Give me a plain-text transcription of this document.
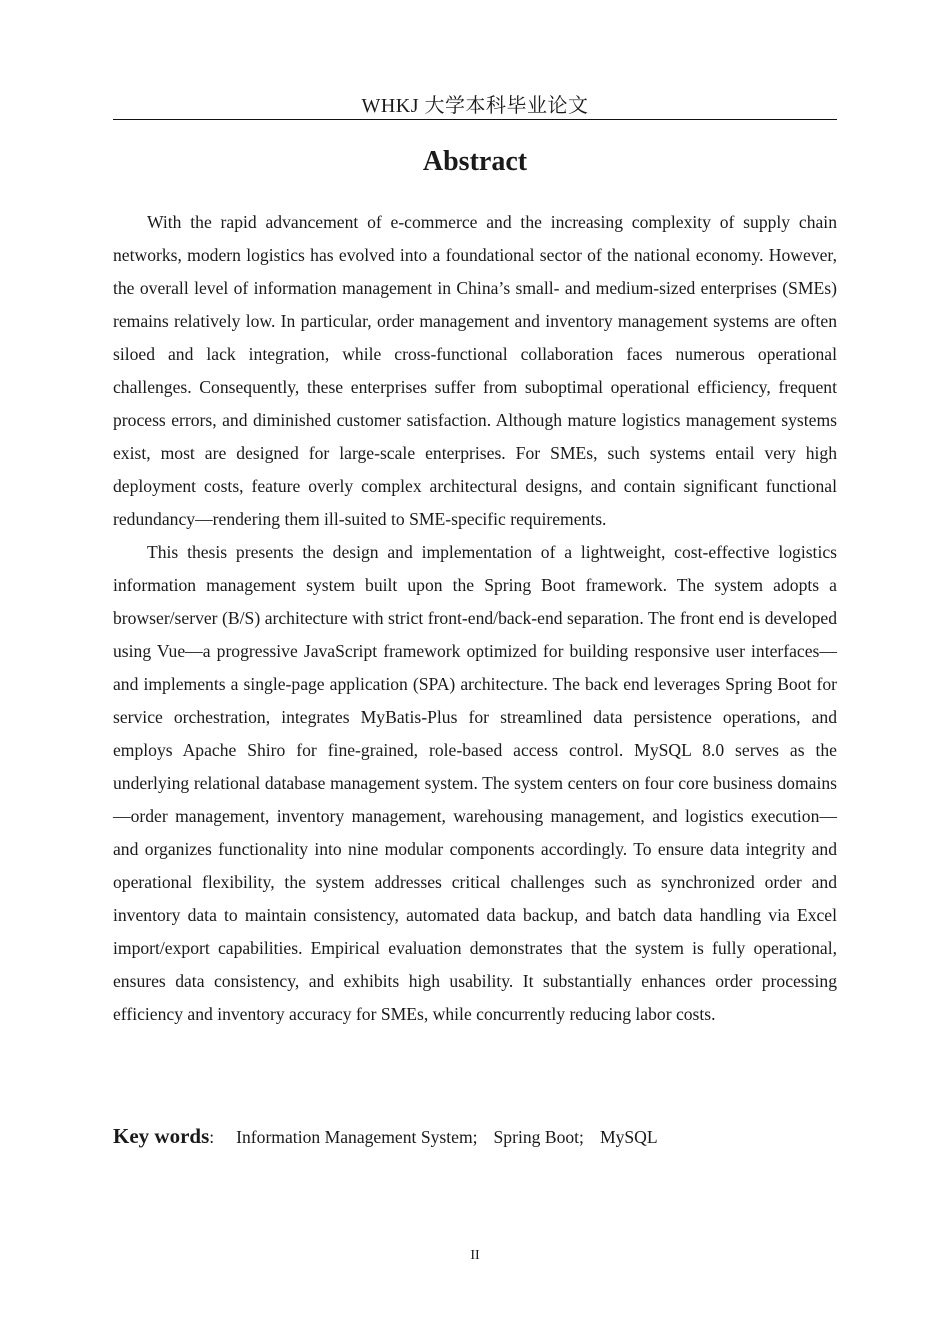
WHKJ 大学本科毕业论文
Abstract

With the rapid advancement of e-commerce and the increasing complexity of supply chain networks, modern logistics has evolved into a foundational sector of the national economy. However, the overall level of information management in China’s small- and medium-sized enterprises (SMEs) remains relatively low. In particular, order management and inventory management systems are often siloed and lack integration, while cross-functional collaboration faces numerous operational challenges. Consequently, these enterprises suffer from suboptimal operational efficiency, frequent process errors, and diminished customer satisfaction. Although mature logistics management systems exist, most are designed for large-scale enterprises. For SMEs, such systems entail very high deployment costs, feature overly complex architectural designs, and contain significant functional redundancy—rendering them ill-suited to SME-specific requirements.

This thesis presents the design and implementation of a lightweight, cost-effective logistics information management system built upon the Spring Boot framework. The system adopts a browser/server (B/S) architecture with strict front-end/back-end separation. The front end is developed using Vue—a progressive JavaScript framework optimized for building responsive user interfaces—and implements a single-page application (SPA) architecture. The back end leverages Spring Boot for service orchestration, integrates MyBatis-Plus for streamlined data persistence operations, and employs Apache Shiro for fine-grained, role-based access control. MySQL 8.0 serves as the underlying relational database management system. The system centers on four core business domains—order management, inventory management, warehousing management, and logistics execution—and organizes functionality into nine modular components accordingly. To ensure data integrity and operational flexibility, the system addresses critical challenges such as synchronized order and inventory data to maintain consistency, automated data backup, and batch data handling via Excel import/export capabilities. Empirical evaluation demonstrates that the system is fully operational, ensures data consistency, and exhibits high usability. It substantially enhances order processing efficiency and inventory accuracy for SMEs, while concurrently reducing labor costs.

Key words: Information Management System; Spring Boot; MySQL
II
